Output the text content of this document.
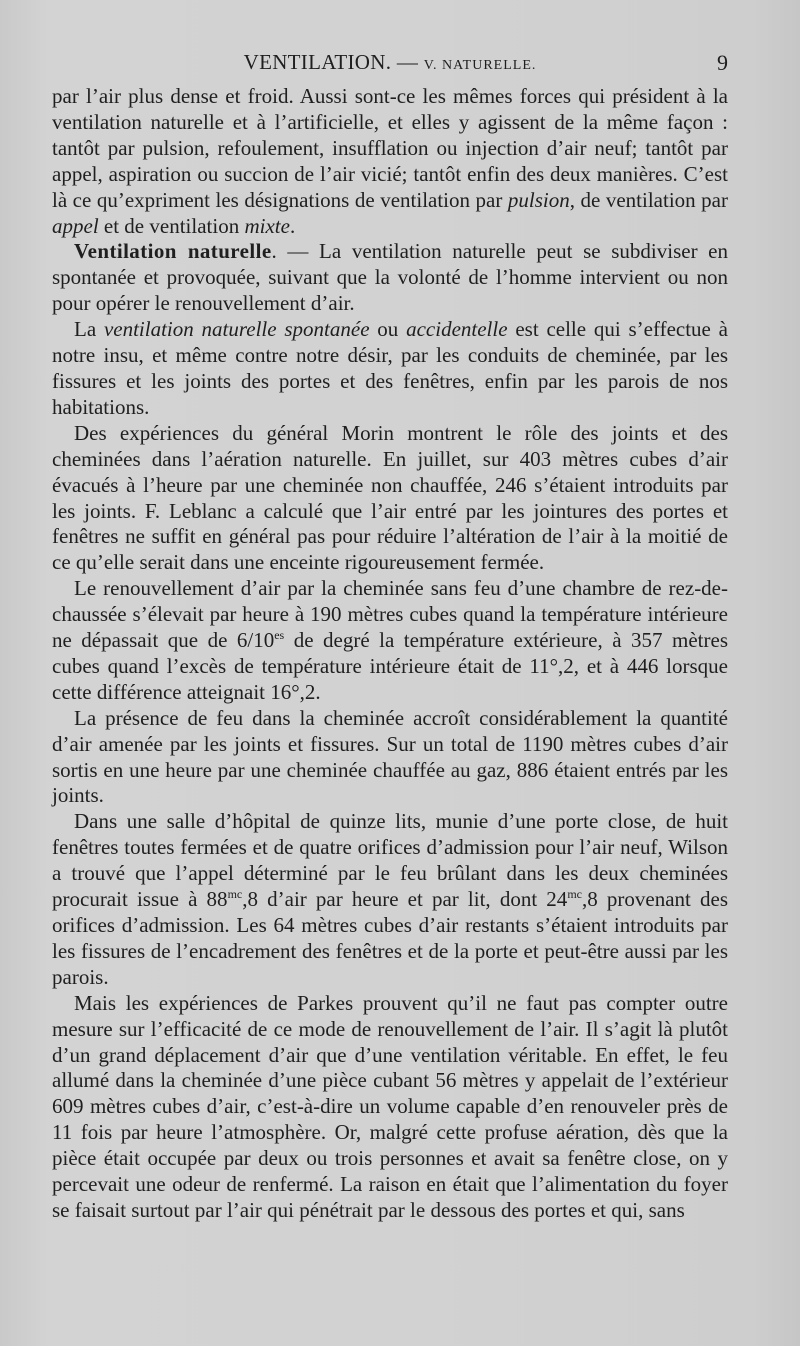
VENTILATION. — V. NATURELLE.	9

par l’air plus dense et froid. Aussi sont-ce les mêmes forces qui président à la ventilation naturelle et à l’artificielle, et elles y agissent de la même façon : tantôt par pulsion, refoulement, insufflation ou injection d’air neuf; tantôt par appel, aspiration ou succion de l’air vicié; tantôt enfin des deux manières. C’est là ce qu’expriment les désignations de ventilation par pulsion, de ventilation par appel et de ventilation mixte.

Ventilation naturelle. — La ventilation naturelle peut se subdiviser en spontanée et provoquée, suivant que la volonté de l’homme intervient ou non pour opérer le renouvellement d’air.

La ventilation naturelle spontanée ou accidentelle est celle qui s’effectue à notre insu, et même contre notre désir, par les conduits de cheminée, par les fissures et les joints des portes et des fenêtres, enfin par les parois de nos habitations.

Des expériences du général Morin montrent le rôle des joints et des cheminées dans l’aération naturelle. En juillet, sur 403 mètres cubes d’air évacués à l’heure par une cheminée non chauffée, 246 s’étaient introduits par les joints. F. Leblanc a calculé que l’air entré par les jointures des portes et fenêtres ne suffit en général pas pour réduire l’altération de l’air à la moitié de ce qu’elle serait dans une enceinte rigoureusement fermée.

Le renouvellement d’air par la cheminée sans feu d’une chambre de rez-de-chaussée s’élevait par heure à 190 mètres cubes quand la température intérieure ne dépassait que de $6/10^{es}$ de degré la température extérieure, à 357 mètres cubes quand l’excès de température intérieure était de 11°,2, et à 446 lorsque cette différence atteignait 16°,2.

La présence de feu dans la cheminée accroît considérablement la quantité d’air amenée par les joints et fissures. Sur un total de 1190 mètres cubes d’air sortis en une heure par une cheminée chauffée au gaz, 886 étaient entrés par les joints.

Dans une salle d’hôpital de quinze lits, munie d’une porte close, de huit fenêtres toutes fermées et de quatre orifices d’admission pour l’air neuf, Wilson a trouvé que l’appel déterminé par le feu brûlant dans les deux cheminées procurait issue à $88^{mc},8$ d’air par heure et par lit, dont $24^{mc},8$ provenant des orifices d’admission. Les 64 mètres cubes d’air restants s’étaient introduits par les fissures de l’encadrement des fenêtres et de la porte et peut-être aussi par les parois.

Mais les expériences de Parkes prouvent qu’il ne faut pas compter outre mesure sur l’efficacité de ce mode de renouvellement de l’air. Il s’agit là plutôt d’un grand déplacement d’air que d’une ventilation véritable. En effet, le feu allumé dans la cheminée d’une pièce cubant 56 mètres y appelait de l’extérieur 609 mètres cubes d’air, c’est-à-dire un volume capable d’en renouveler près de 11 fois par heure l’atmosphère. Or, malgré cette profuse aération, dès que la pièce était occupée par deux ou trois personnes et avait sa fenêtre close, on y percevait une odeur de renfermé. La raison en était que l’alimentation du foyer se faisait surtout par l’air qui pénétrait par le dessous des portes et qui, sans
